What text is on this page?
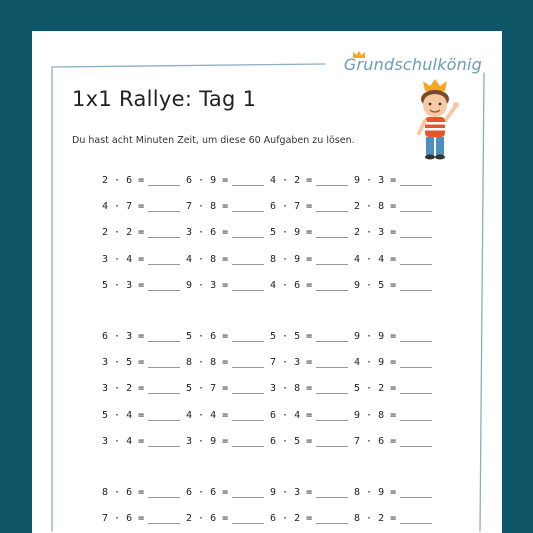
Grundschulkönig
1x1 Rallye: Tag 1
Du hast acht Minuten Zeit, um diese 60 Aufgaben zu lösen.
2 · 6 =	6 · 9 =	4 · 2 =	9 · 3 =
4 · 7 =	7 · 8 =	6 · 7 =	2 · 8 =
2 · 2 =	3 · 6 =	5 · 9 =	2 · 3 =
3 · 4 =	4 · 8 =	8 · 9 =	4 · 4 =
5 · 3 =	9 · 3 =	4 · 6 =	9 · 5 =
6 · 3 =	5 · 6 =	5 · 5 =	9 · 9 =
3 · 5 =	8 · 8 =	7 · 3 =	4 · 9 =
3 · 2 =	5 · 7 =	3 · 8 =	5 · 2 =
5 · 4 =	4 · 4 =	6 · 4 =	9 · 8 =
3 · 4 =	3 · 9 =	6 · 5 =	7 · 6 =
8 · 6 =	6 · 6 =	9 · 3 =	8 · 9 =
7 · 6 =	2 · 6 =	6 · 2 =	8 · 2 =
